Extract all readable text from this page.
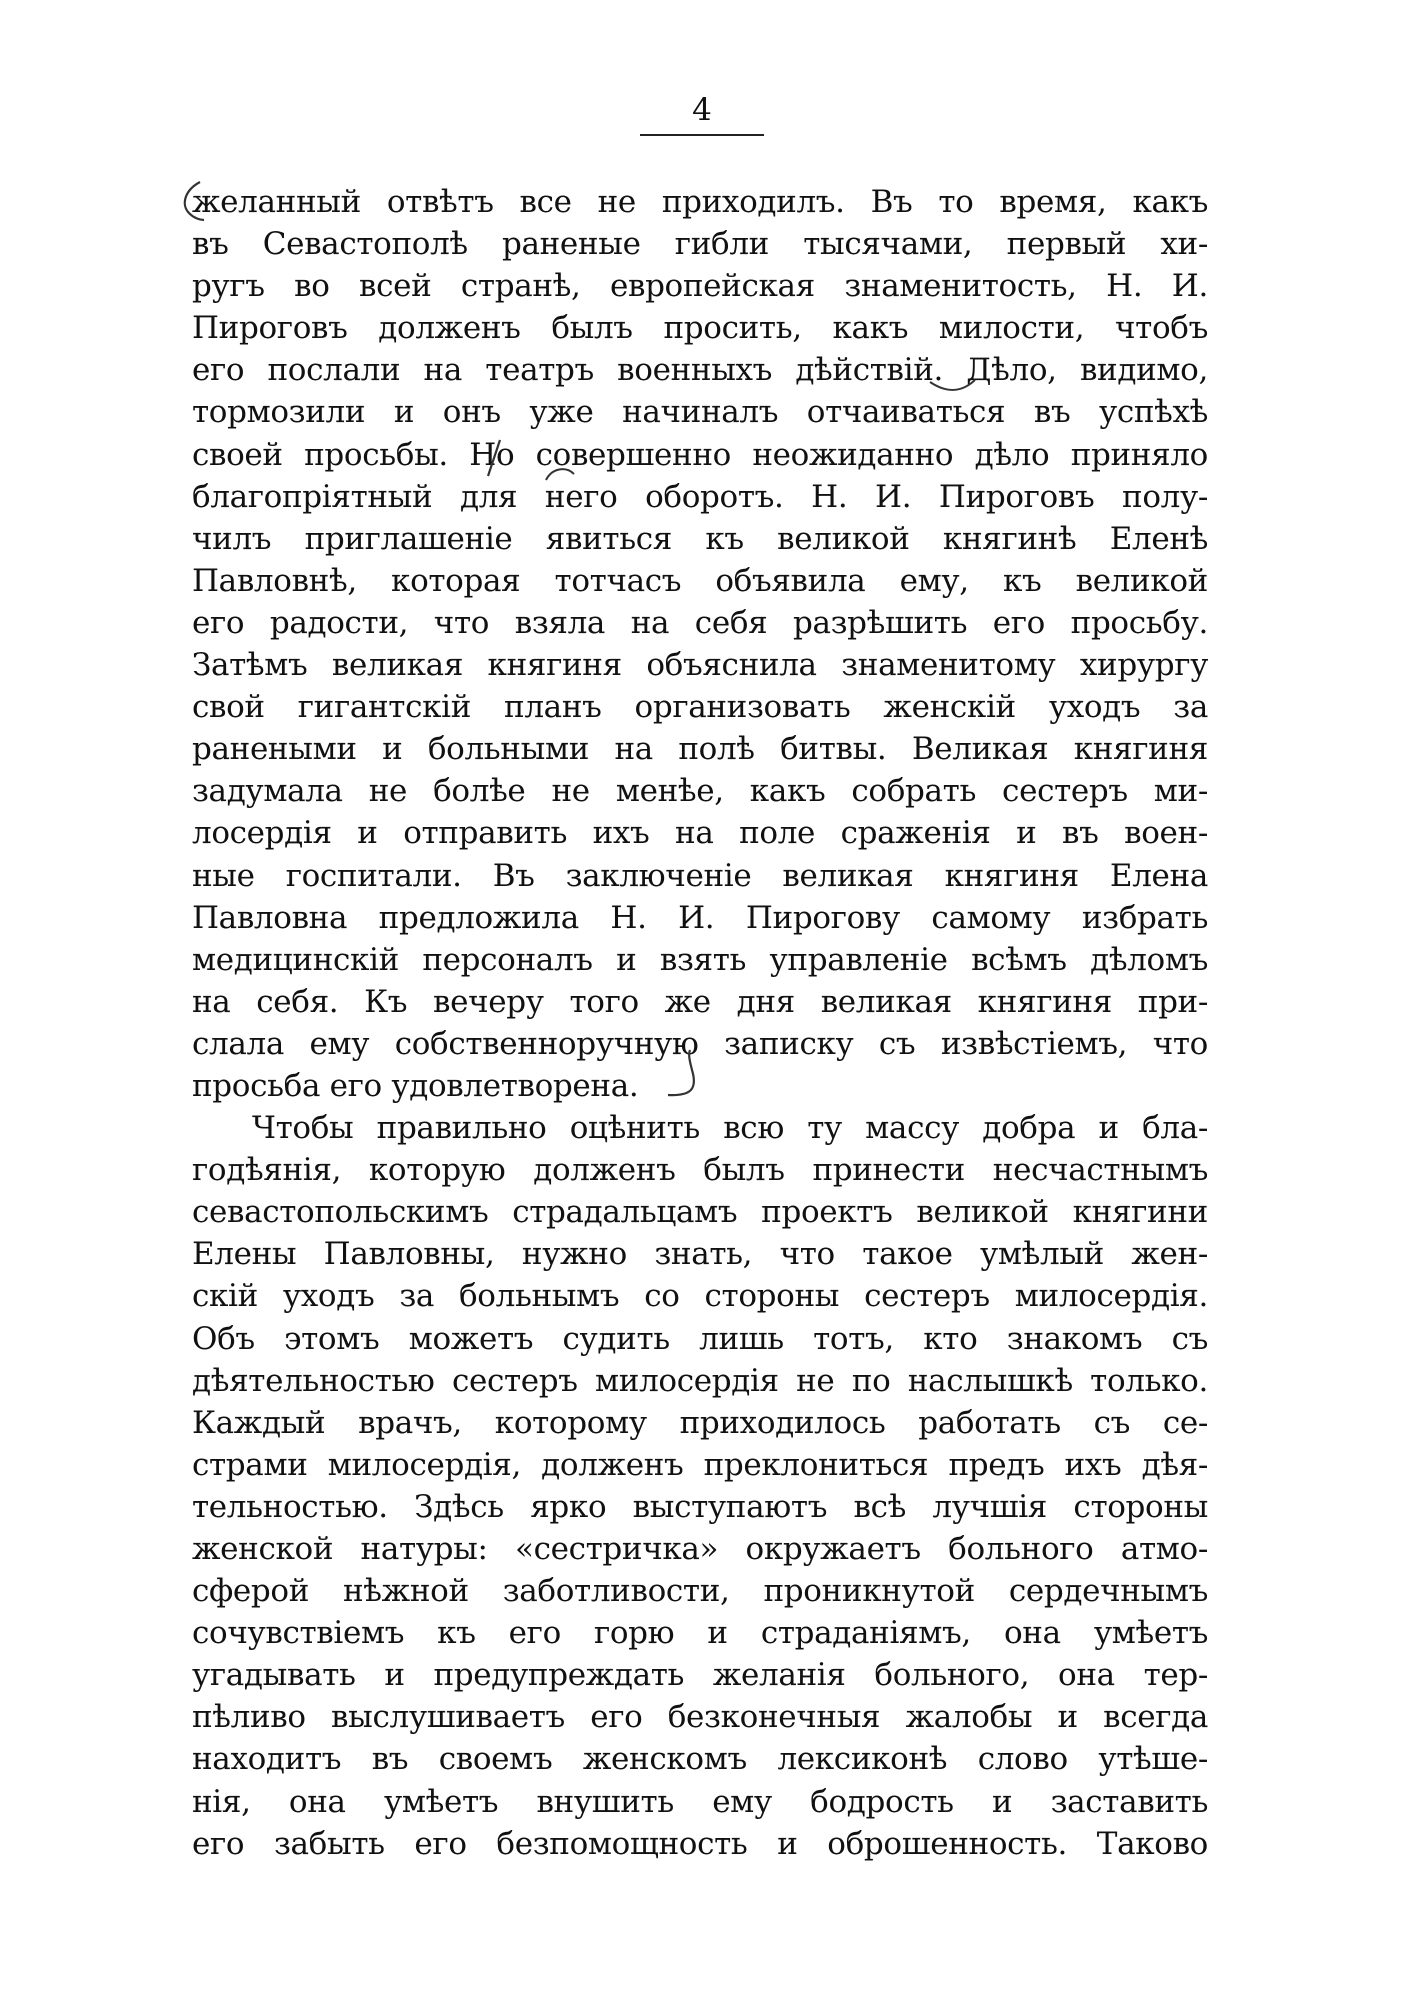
4
желанный отвѣтъ все не приходилъ. Въ то время, какъ
въ Севастополѣ раненые гибли тысячами, первый хи-
ругъ во всей странѣ, европейская знаменитость, Н. И.
Пироговъ долженъ былъ просить, какъ милости, чтобъ
его послали на театръ военныхъ дѣйствій. Дѣло, видимо,
тормозили и онъ уже начиналъ отчаиваться въ успѣхѣ
своей просьбы. Но совершенно неожиданно дѣло приняло
благопріятный для него оборотъ. Н. И. Пироговъ полу-
чилъ приглашеніе явиться къ великой княгинѣ Еленѣ
Павловнѣ, которая тотчасъ объявила ему, къ великой
его радости, что взяла на себя разрѣшить его просьбу.
Затѣмъ великая княгиня объяснила знаменитому хирургу
свой гигантскій планъ организовать женскій уходъ за
ранеными и больными на полѣ битвы. Великая княгиня
задумала не болѣе не менѣе, какъ собрать сестеръ ми-
лосердія и отправить ихъ на поле сраженія и въ воен-
ные госпитали. Въ заключеніе великая княгиня Елена
Павловна предложила Н. И. Пирогову самому избрать
медицинскій персоналъ и взять управленіе всѣмъ дѣломъ
на себя. Къ вечеру того же дня великая княгиня при-
слала ему собственноручную записку съ извѣстіемъ, что
просьба его удовлетворена.
Чтобы правильно оцѣнить всю ту массу добра и бла-
годѣянія, которую долженъ былъ принести несчастнымъ
севастопольскимъ страдальцамъ проектъ великой княгини
Елены Павловны, нужно знать, что такое умѣлый жен-
скій уходъ за больнымъ со стороны сестеръ милосердія.
Объ этомъ можетъ судить лишь тотъ, кто знакомъ съ
дѣятельностью сестеръ милосердія не по наслышкѣ только.
Каждый врачъ, которому приходилось работать съ се-
страми милосердія, долженъ преклониться предъ ихъ дѣя-
тельностью. Здѣсь ярко выступаютъ всѣ лучшія стороны
женской натуры: «сестричка» окружаетъ больного атмо-
сферой нѣжной заботливости, проникнутой сердечнымъ
сочувствіемъ къ его горю и страданіямъ, она умѣетъ
угадывать и предупреждать желанія больного, она тер-
пѣливо выслушиваетъ его безконечныя жалобы и всегда
находитъ въ своемъ женскомъ лексиконѣ слово утѣше-
нія, она умѣетъ внушить ему бодрость и заставить
его забыть его безпомощность и оброшенность. Таково
